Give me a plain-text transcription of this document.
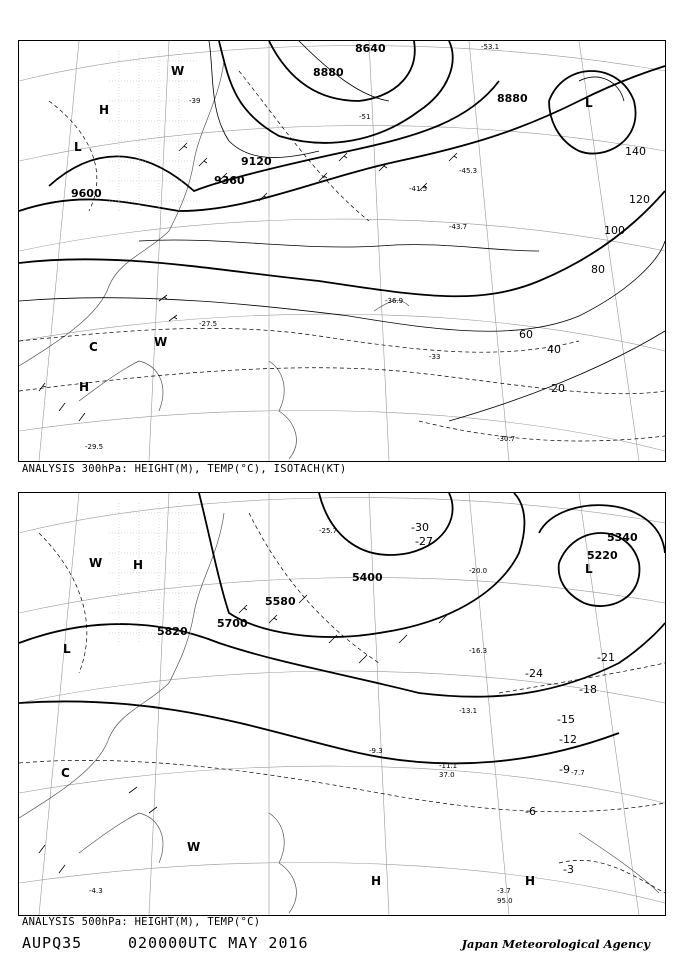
8640
8880
8880
9120
9360
9600
20
40
60
80
100
120
140
H
H
L
L
C
W
W
-39
-41.5
-43.7
-45.3
-33
-30.7
-27.5
-29.5
-36.9
-53.1
-51
ANALYSIS 300hPa: HEIGHT(M), TEMP(°C), ISOTACH(KT)
5340
5220
5580
5820
5700
5400
-3
-6
-9
-12
-15
-18
-21
-24
-27
-30
H
H	H
W
W
L
L
C
-3.7
95.0
-7.7
-11.1
37.0
-13.1
-16.3
-20.0
-25.7
-9.3
-4.3
ANALYSIS 500hPa: HEIGHT(M), TEMP(°C)
AUPQ35	020000UTC MAY 2016	Japan Meteorological Agency
